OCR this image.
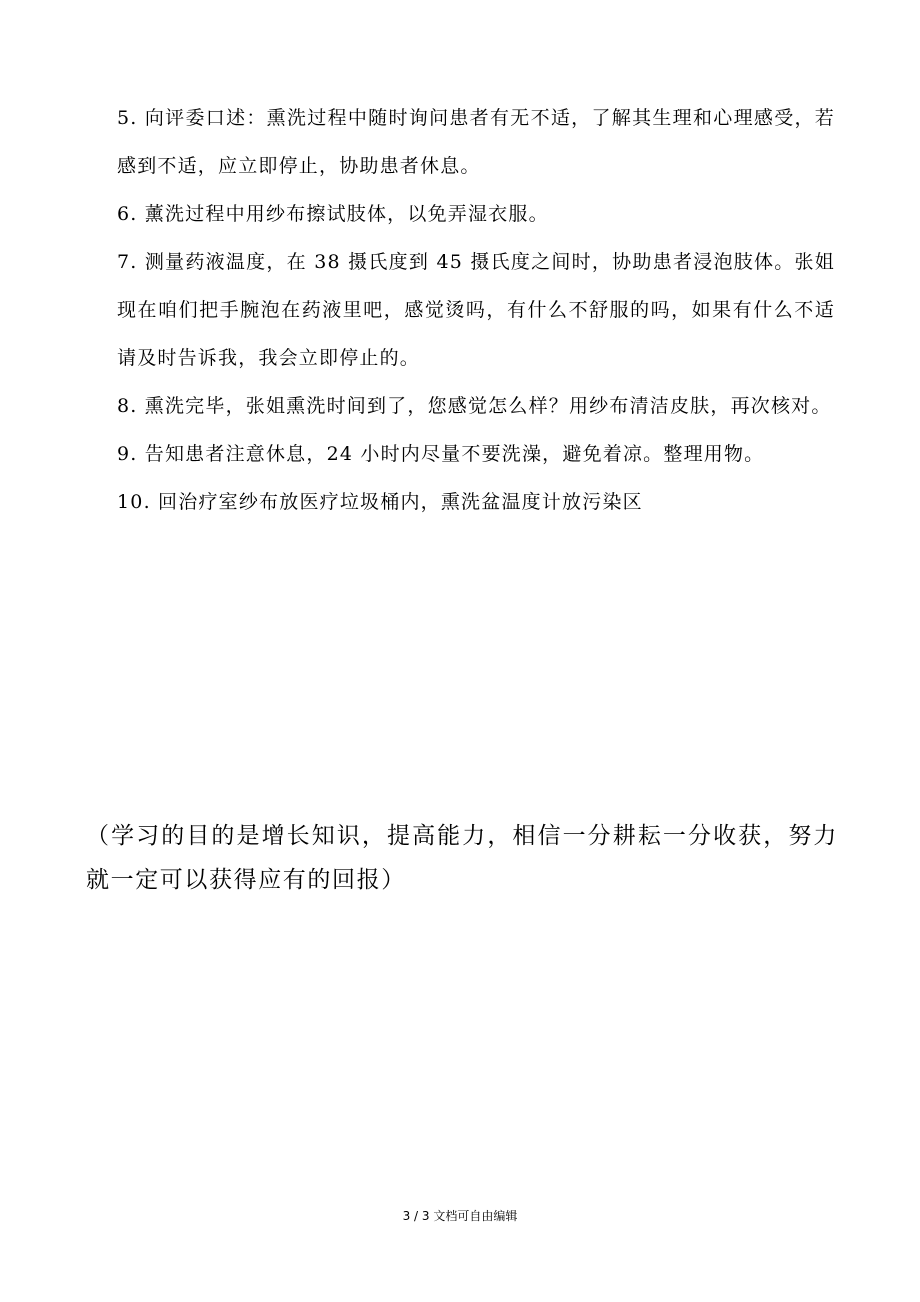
5. 向评委口述：熏洗过程中随时询问患者有无不适，了解其生理和心理感受，若感到不适，应立即停止，协助患者休息。

6. 薰洗过程中用纱布擦试肢体，以免弄湿衣服。

7. 测量药液温度，在 38 摄氏度到 45 摄氏度之间时，协助患者浸泡肢体。张姐现在咱们把手腕泡在药液里吧，感觉烫吗，有什么不舒服的吗，如果有什么不适请及时告诉我，我会立即停止的。

8. 熏洗完毕，张姐熏洗时间到了，您感觉怎么样？用纱布清洁皮肤，再次核对。

9. 告知患者注意休息，24 小时内尽量不要洗澡，避免着凉。整理用物。

10. 回治疗室纱布放医疗垃圾桶内，熏洗盆温度计放污染区

（学习的目的是增长知识，提高能力，相信一分耕耘一分收获，努力就一定可以获得应有的回报）

3 / 3 文档可自由编辑
